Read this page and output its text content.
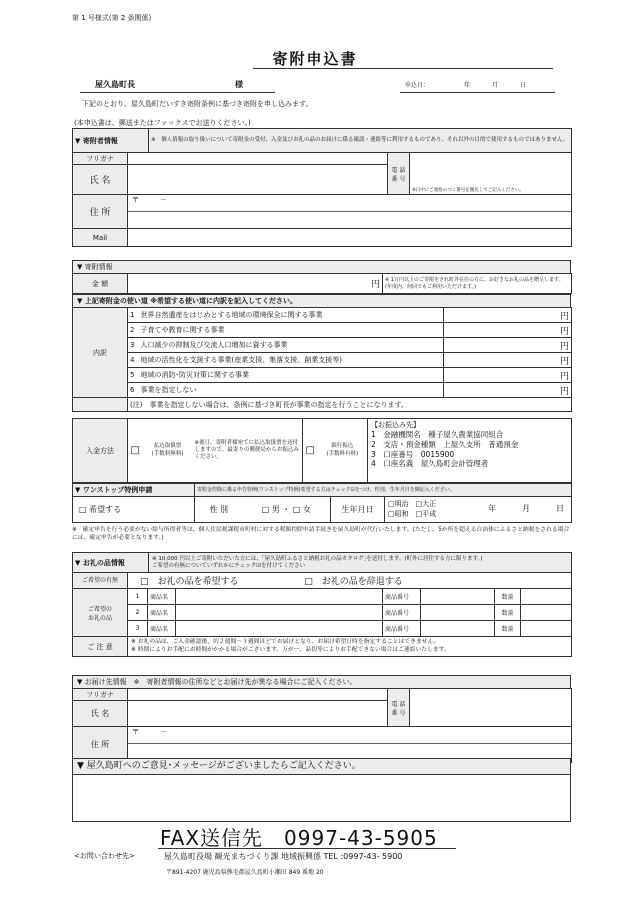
第 1 号様式(第 2 条関係)
寄附申込書
屋久島町長	様	申込日：	年	月	日
下記のとおり、屋久島町だいすき寄附条例に基づき寄附を申し込みます。
(本申込書は、郵送またはファックスでお送りください。)
▼ 寄附者情報	※　個人情報の取り扱いについて寄附金の受付、入金及びお礼の品のお届けに係る確認・連絡等に利用するものであり、それ以外の目的で使用するものではありません。
フリガナ		電 話 番 号	※日中にご連絡のつく番号を優先してご記入ください。
氏 名			
住 所	〒　　　－		

Mail			
▼ 寄附情報
金 額	円	※ 1万円以上のご寄附をされ町外在住の方に、お好きなお礼の品を贈呈します。(年度内、何回でもご利用いただけます。)
▼ 上記寄附金の使い道 ※希望する使い道に内訳を記入してください。
内訳	1 世界自然遺産をはじめとする地域の環境保全に関する事業	円
	2 子育てや教育に関する事業	円
	3 人口減少の抑制及び交流人口増加に資する事業	円
	4 地域の活性化を支援する事業(産業支援、集落支援、創業支援等)	円
	5 地域の消防･防災対策に関する事業	円
	6 事業を指定しない	円
	(注)　事業を指定しない場合は、条例に基づき町長が事業の指定を行うことになります。	
入金方法	□	払込取扱票
(手数料無料)	※後日、寄附者様宛てに払込取扱票を送付しますので、最寄りの郵便局からお振込みください。	□	銀行振込
(手数料有料)	
【お振込み先】
1　金融機関名　種子屋久農業協同組合
2　支店・預金種類　上屋久支所　普通預金
3　口座番号　0015900
4　口座名義　屋久島町会計管理者
▼ ワンストップ特例申請	寄附金控除に係る申告特例(ワンストップ特例)希望する方はチェック☑をつけ、性別、生年月日を御記入ください。
□ 希望する	性 別	□ 男 ・ □ 女	生年月日	
□明治　□大正
□昭和　□平成
年	月	日
※　確定申告を行う必要がない給与所得者等は、個人住民税課税市町村に対する税額控除申請手続きを屋久島町が代行いたします。(ただし、5か所を超える自治体にふるさと納税をされる場合には、確定申告が必要となります。)
▼ お礼の品情報	※ 10,000 円以上ご寄附いただいた方には、｢屋久島町ふるさと納税お礼の品カタログ｣を送付します。(町外に居住する方に限ります。)
ご希望の有無についていずれかにチェック☑を付けてください
ご希望の有無	□　お礼の品を希望する □　お礼の品を辞退する						
ご希望の
お礼の品	1	商品名		商品番号		数量	
	2	商品名		商品番号		数量	
	3	商品名		商品番号		数量	
ご 注 意	※ お礼の品は、ご入金確認後、約２週間～３週間ほどでお届けとなり、お届け希望日時を指定することはできません。
※ 時期によりお手配にお時間がかかる場合がございます。万が一、品切等によりお手配できない場合はご連絡いたします。						
▼ お届け先情報　※　寄附者情報の住所などとお届け先が異なる場合にご記入ください。
フリガナ		電 話 番 号	
氏 名			
住 所	〒　　　－		
▼ 屋久島町へのご意見･メッセージがございましたらご記入ください。
FAX送信先　0997-43-5905
<お問い合わせ先>	屋久島町役場 観光まちづくり課 地域振興係 TEL :0997-43- 5900
〒891-4207 鹿児島県熊毛郡屋久島町小瀬田 849 番地 20
